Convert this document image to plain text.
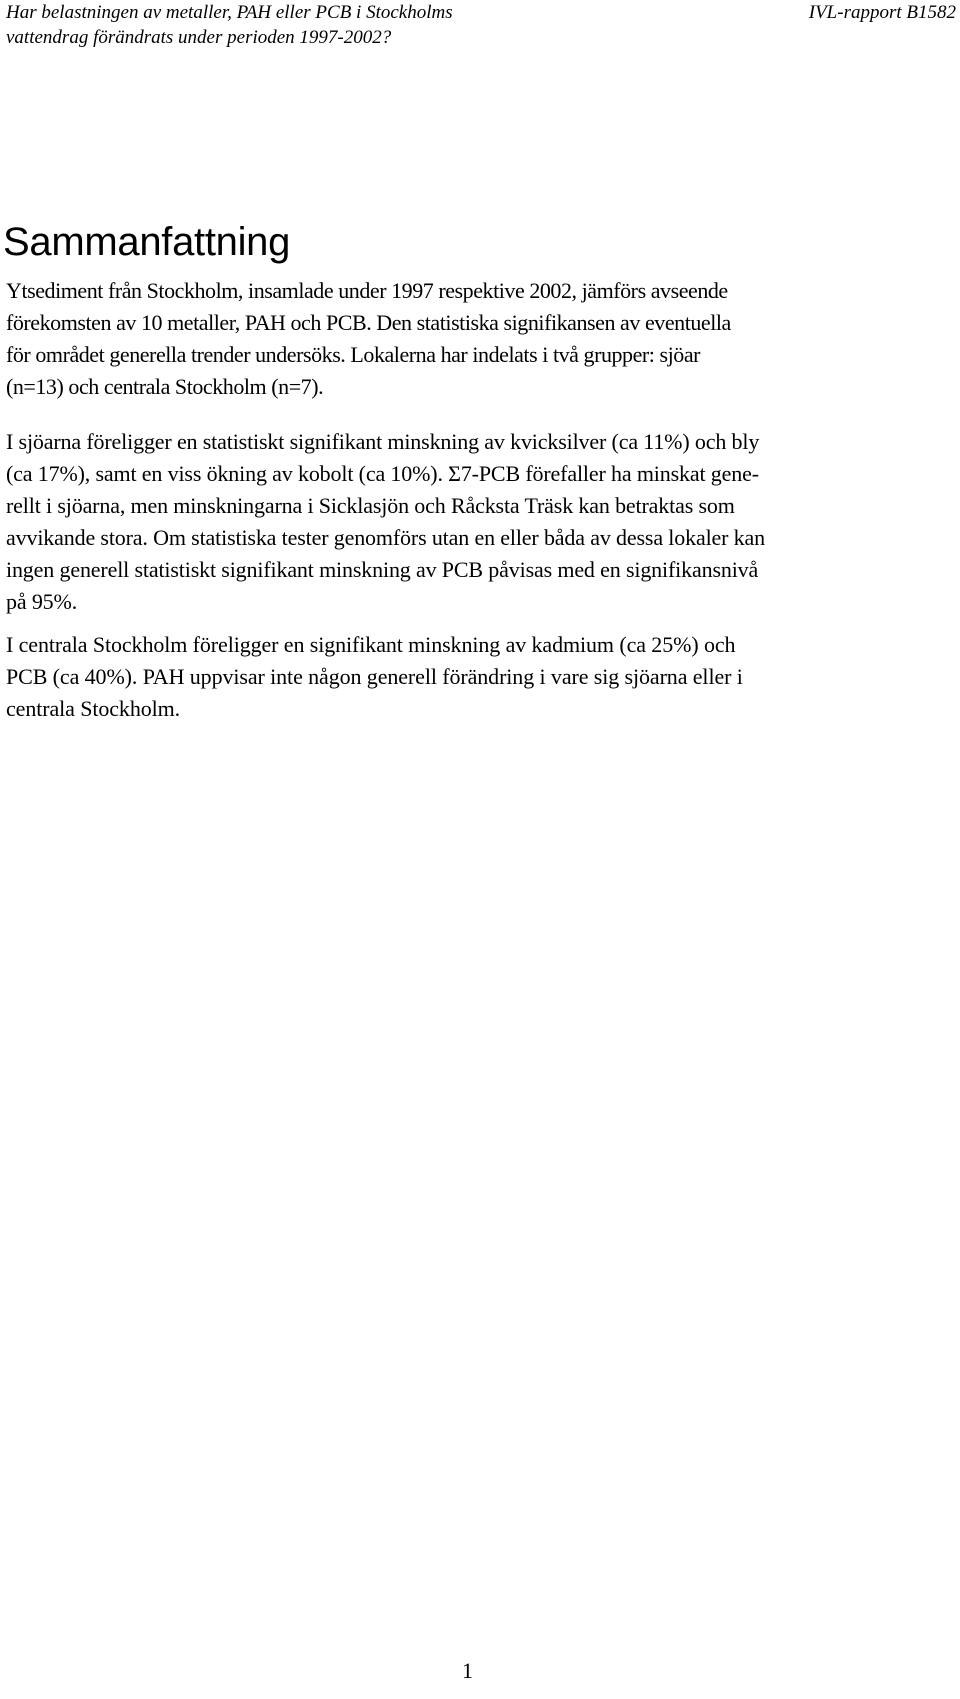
Har belastningen av metaller, PAH eller PCB i Stockholms
vattendrag förändrats under perioden 1997-2002?
IVL-rapport B1582
Sammanfattning

Ytsediment från Stockholm, insamlade under 1997 respektive 2002, jämförs avseende
förekomsten av 10 metaller, PAH och PCB. Den statistiska signifikansen av eventuella
för området generella trender undersöks. Lokalerna har indelats i två grupper: sjöar
(n=13) och centrala Stockholm (n=7).

I sjöarna föreligger en statistiskt signifikant minskning av kvicksilver (ca 11%) och bly
(ca 17%), samt en viss ökning av kobolt (ca 10%). Σ7-PCB förefaller ha minskat gene-
rellt i sjöarna, men minskningarna i Sicklasjön och Råcksta Träsk kan betraktas som
avvikande stora. Om statistiska tester genomförs utan en eller båda av dessa lokaler kan
ingen generell statistiskt signifikant minskning av PCB påvisas med en signifikansnivå
på 95%.

I centrala Stockholm föreligger en signifikant minskning av kadmium (ca 25%) och
PCB (ca 40%). PAH uppvisar inte någon generell förändring i vare sig sjöarna eller i
centrala Stockholm.

1
